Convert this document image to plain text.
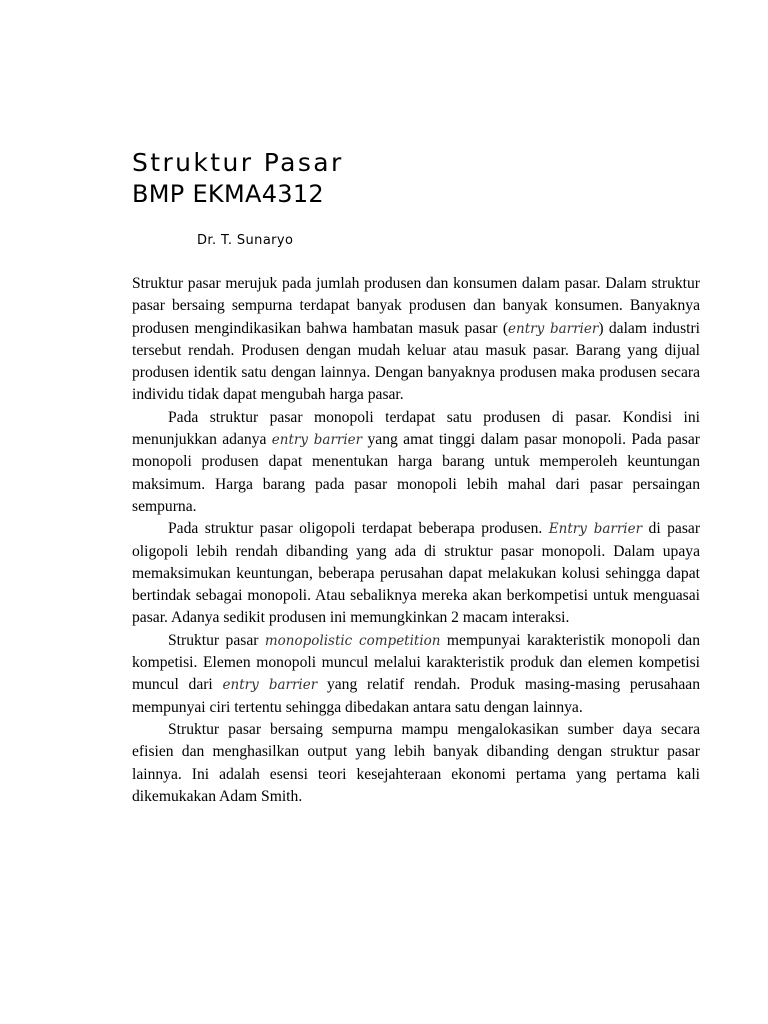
Struktur Pasar
BMP EKMA4312
Dr. T. Sunaryo

Struktur pasar merujuk pada jumlah produsen dan konsumen dalam pasar. Dalam struktur pasar bersaing sempurna terdapat banyak produsen dan banyak konsumen. Banyaknya produsen mengindikasikan bahwa hambatan masuk pasar (entry barrier) dalam industri tersebut rendah. Produsen dengan mudah keluar atau masuk pasar. Barang yang dijual produsen identik satu dengan lainnya. Dengan banyaknya produsen maka produsen secara individu tidak dapat mengubah harga pasar.

Pada struktur pasar monopoli terdapat satu produsen di pasar. Kondisi ini menunjukkan adanya entry barrier yang amat tinggi dalam pasar monopoli. Pada pasar monopoli produsen dapat menentukan harga barang untuk memperoleh keuntungan maksimum. Harga barang pada pasar monopoli lebih mahal dari pasar persaingan sempurna.

Pada struktur pasar oligopoli terdapat beberapa produsen. Entry barrier di pasar oligopoli lebih rendah dibanding yang ada di struktur pasar monopoli. Dalam upaya memaksimukan keuntungan, beberapa perusahan dapat melakukan kolusi sehingga dapat bertindak sebagai monopoli. Atau sebaliknya mereka akan berkompetisi untuk menguasai pasar. Adanya sedikit produsen ini memungkinkan 2 macam interaksi.

Struktur pasar monopolistic competition mempunyai karakteristik monopoli dan kompetisi. Elemen monopoli muncul melalui karakteristik produk dan elemen kompetisi muncul dari entry barrier yang relatif rendah. Produk masing-masing perusahaan mempunyai ciri tertentu sehingga dibedakan antara satu dengan lainnya.

Struktur pasar bersaing sempurna mampu mengalokasikan sumber daya secara efisien dan menghasilkan output yang lebih banyak dibanding dengan struktur pasar lainnya. Ini adalah esensi teori kesejahteraan ekonomi pertama yang pertama kali dikemukakan Adam Smith.
